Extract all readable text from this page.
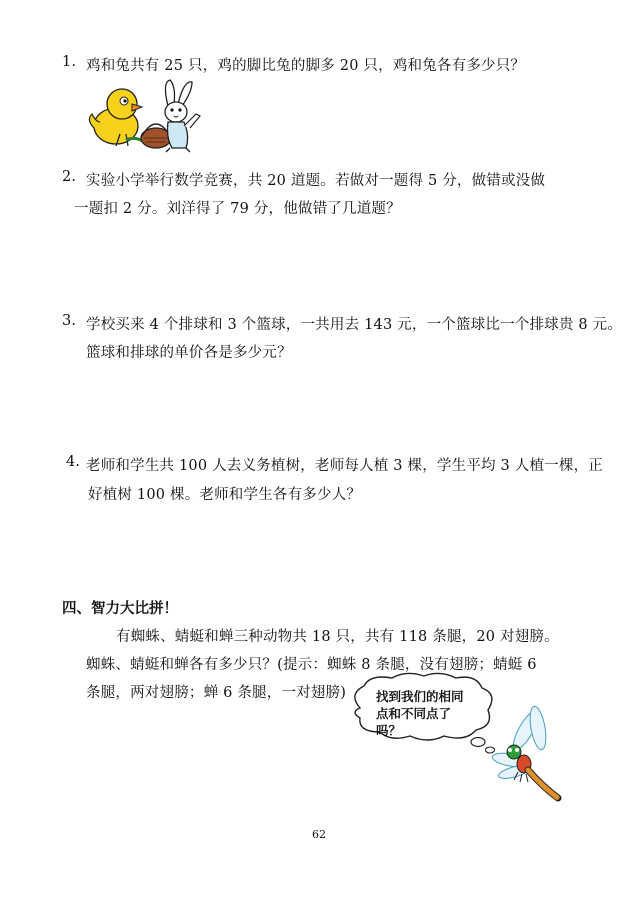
1. 鸡和兔共有 25 只，鸡的脚比兔的脚多 20 只，鸡和兔各有多少只？
2. 实验小学举行数学竞赛，共 20 道题。若做对一题得 5 分，做错或没做
一题扣 2 分。刘洋得了 79 分，他做错了几道题？
3. 学校买来 4 个排球和 3 个篮球，一共用去 143 元，一个篮球比一个排球贵 8 元。
篮球和排球的单价各是多少元？
4. 老师和学生共 100 人去义务植树，老师每人植 3 棵，学生平均 3 人植一棵，正
好植树 100 棵。老师和学生各有多少人？
四、智力大比拼！
有蜘蛛、蜻蜓和蝉三种动物共 18 只，共有 118 条腿，20 对翅膀。
蜘蛛、蜻蜓和蝉各有多少只？(提示：蜘蛛 8 条腿，没有翅膀；蜻蜓 6
条腿，两对翅膀；蝉 6 条腿，一对翅膀) 找到我们的相同
点和不同点了
吗？
62
